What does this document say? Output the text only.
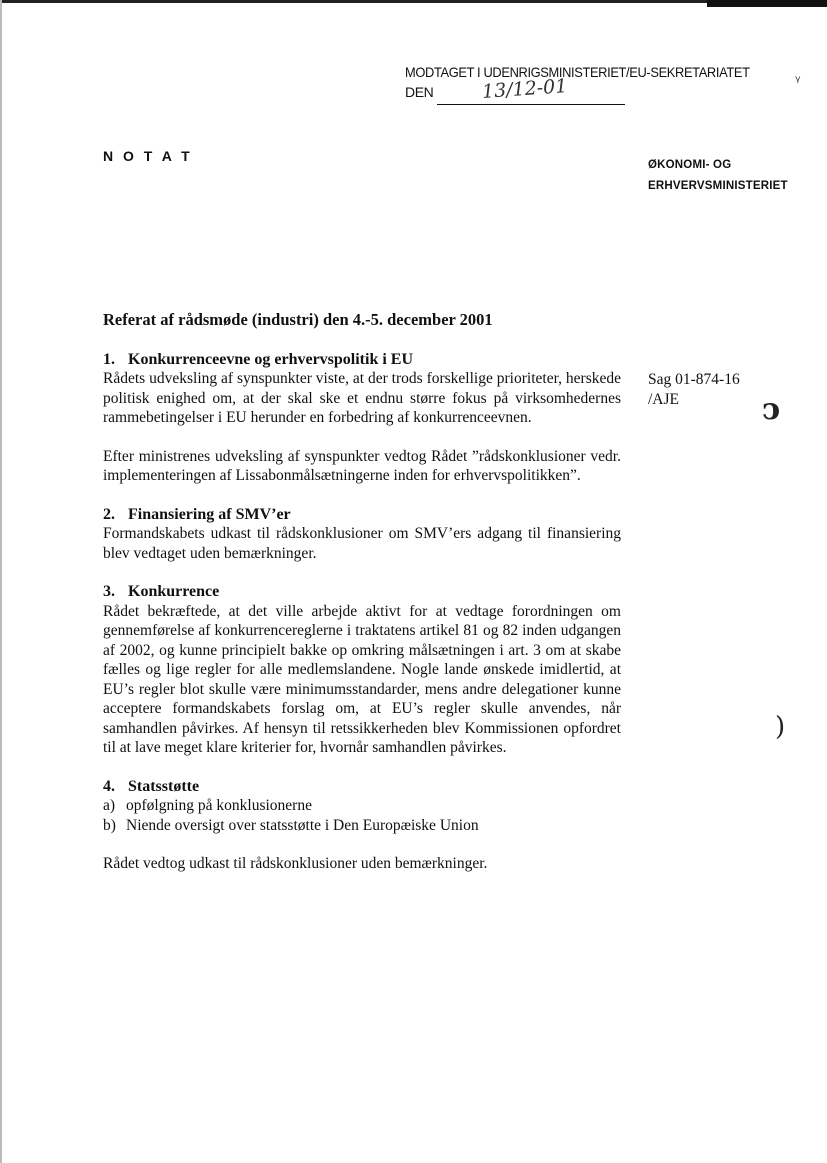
MODTAGET I UDENRIGSMINISTERIET/EU-SEKRETARIATET
DEN	13/12-01	ᵞ
N O T A T
ØKONOMI- OG
ERHVERVSMINISTERIET
Sag 01-874-16
/AJE	ↄ
)

Referat af rådsmøde (industri) den 4.-5. december 2001

1. Konkurrenceevne og erhvervspolitik i EU

Rådets udveksling af synspunkter viste, at der trods forskellige prioriteter, herskede politisk enighed om, at der skal ske et endnu større fokus på virksomhedernes rammebetingelser i EU herunder en forbedring af konkurrenceevnen.

Efter ministrenes udveksling af synspunkter vedtog Rådet ”rådskonklusioner vedr. implementeringen af Lissabonmålsætningerne inden for erhvervspolitikken”.

2. Finansiering af SMV’er

Formandskabets udkast til rådskonklusioner om SMV’ers adgang til finansiering blev vedtaget uden bemærkninger.

3. Konkurrence

Rådet bekræftede, at det ville arbejde aktivt for at vedtage forordningen om gennemførelse af konkurrencereglerne i traktatens artikel 81 og 82 inden udgangen af 2002, og kunne principielt bakke op omkring målsætningen i art. 3 om at skabe fælles og lige regler for alle medlemslandene. Nogle lande ønskede imidlertid, at EU’s regler blot skulle være minimumsstandarder, mens andre delegationer kunne acceptere formandskabets forslag om, at EU’s regler skulle anvendes, når samhandlen påvirkes. Af hensyn til retssikkerheden blev Kommissionen opfordret til at lave meget klare kriterier for, hvornår samhandlen påvirkes.

4. Statsstøtte

a) opfølgning på konklusionerne

b) Niende oversigt over statsstøtte i Den Europæiske Union

Rådet vedtog udkast til rådskonklusioner uden bemærkninger.
